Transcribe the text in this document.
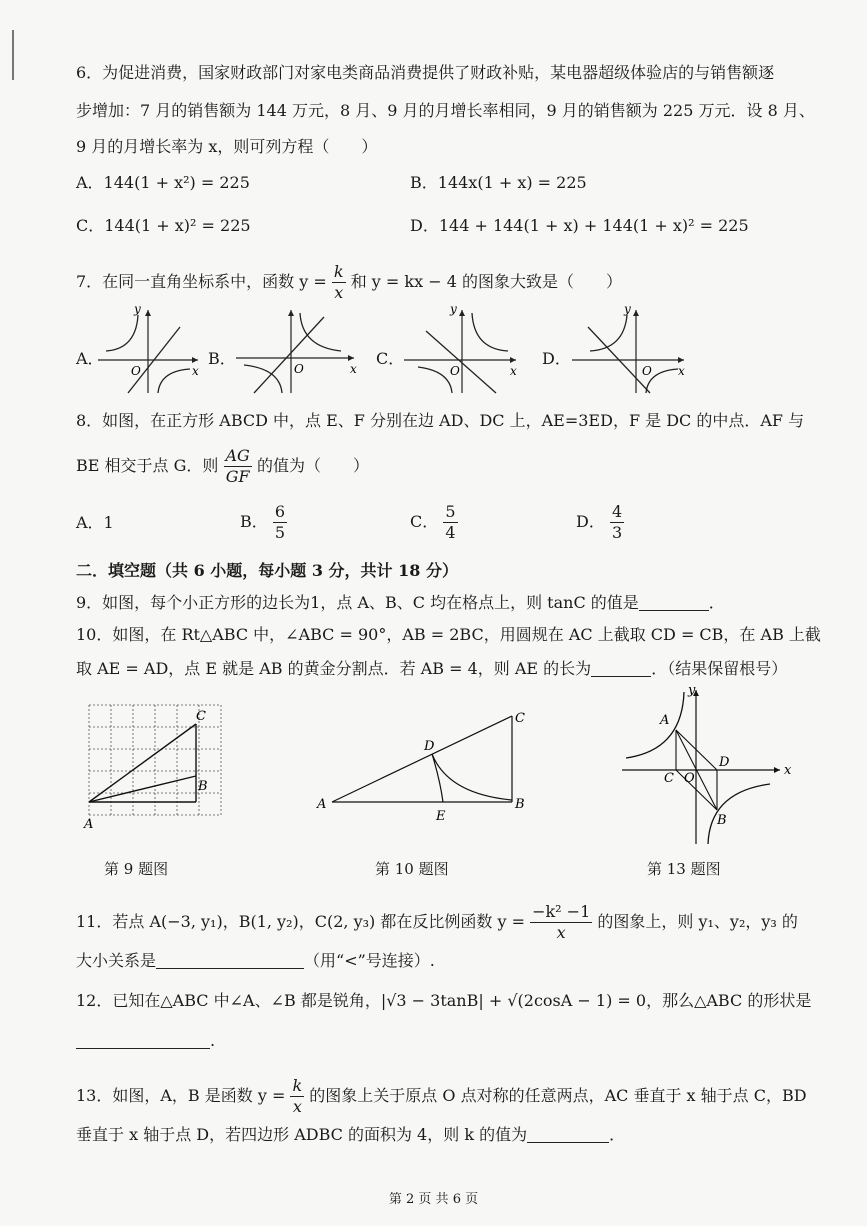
6．为促进消费，国家财政部门对家电类商品消费提供了财政补贴，某电器超级体验店的与销售额逐
步增加：7 月的销售额为 144 万元，8 月、9 月的月增长率相同，9 月的销售额为 225 万元．设 8 月、
9 月的月增长率为 x，则可列方程（　　）
A．144(1 + x²) = 225	B．144x(1 + x) = 225
C．144(1 + x)² = 225	D．144 + 144(1 + x) + 144(1 + x)² = 225
7．在同一直角坐标系中，函数 $y = \frac{k}{x}$ 和 y = kx − 4 的图象大致是（　　）
A．	B．	C．	D．
y
O	x	O	x
y
O	x
y
O x
8．如图，在正方形 ABCD 中，点 E、F 分别在边 AD、DC 上，AE=3ED，F 是 DC 的中点．AF 与
BE 相交于点 G．则 $\frac{AG}{GF}$ 的值为（　　）
A．1	B． $\frac{6}{5}$	C． $\frac{5}{4}$	D． $\frac{4}{3}$
二．填空题（共 6 小题，每小题 3 分，共计 18 分）
9．如图，每个小正方形的边长为1，点 A、B、C 均在格点上，则 tanC 的值是	．
10．如图，在 Rt△ABC 中，∠ABC = 90°，AB = 2BC，用圆规在 AC 上截取 CD = CB，在 AB 上截
取 AE = AD，点 E 就是 AB 的黄金分割点．若 AB = 4，则 AE 的长为	．（结果保留根号）
C
B
A
第 9 题图
A	B
C
D
E
第 10 题图
A
B
C
D
O
x
y
第 13 题图
11．若点 A(−3, y₁)，B(1, y₂)，C(2, y₃) 都在反比例函数 $y = \frac{\text{−k² −1}}{x}$ 的图象上，则 y₁、y₂，y₃ 的
大小关系是	（用“<”号连接）.
12．已知在△ABC 中∠A、∠B 都是锐角，|√3 − 3tanB| + √(2cosA − 1) = 0，那么△ABC 的形状是
.
13．如图，A，B 是函数 $y = \frac{k}{x}$ 的图象上关于原点 O 点对称的任意两点，AC 垂直于 x 轴于点 C，BD
垂直于 x 轴于点 D，若四边形 ADBC 的面积为 4，则 k 的值为	．
第 2 页 共 6 页
